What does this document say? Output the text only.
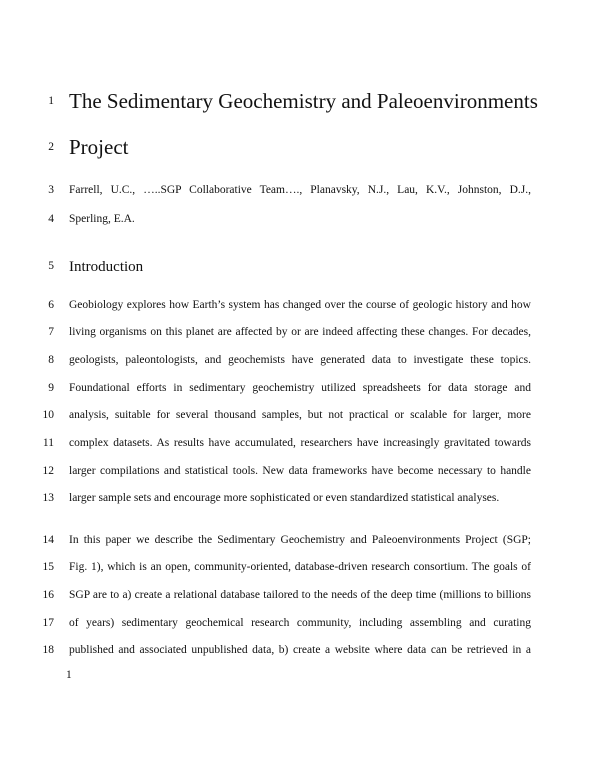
1
2
3
4
5
6
7
8
9
10
11
12
13
14
15
16
17
18
The Sedimentary Geochemistry and Paleoenvironments
Project
Farrell, U.C., …..SGP Collaborative Team…., Planavsky, N.J., Lau, K.V., Johnston, D.J.,
Sperling, E.A.
Introduction
Geobiology explores how Earth’s system has changed over the course of geologic history and how
living organisms on this planet are affected by or are indeed affecting these changes. For decades,
geologists, paleontologists, and geochemists have generated data to investigate these topics.
Foundational efforts in sedimentary geochemistry utilized spreadsheets for data storage and
analysis, suitable for several thousand samples, but not practical or scalable for larger, more
complex datasets. As results have accumulated, researchers have increasingly gravitated towards
larger compilations and statistical tools. New data frameworks have become necessary to handle
larger sample sets and encourage more sophisticated or even standardized statistical analyses.
In this paper we describe the Sedimentary Geochemistry and Paleoenvironments Project (SGP;
Fig. 1), which is an open, community-oriented, database-driven research consortium. The goals of
SGP are to a) create a relational database tailored to the needs of the deep time (millions to billions
of years) sedimentary geochemical research community, including assembling and curating
published and associated unpublished data, b) create a website where data can be retrieved in a
1
